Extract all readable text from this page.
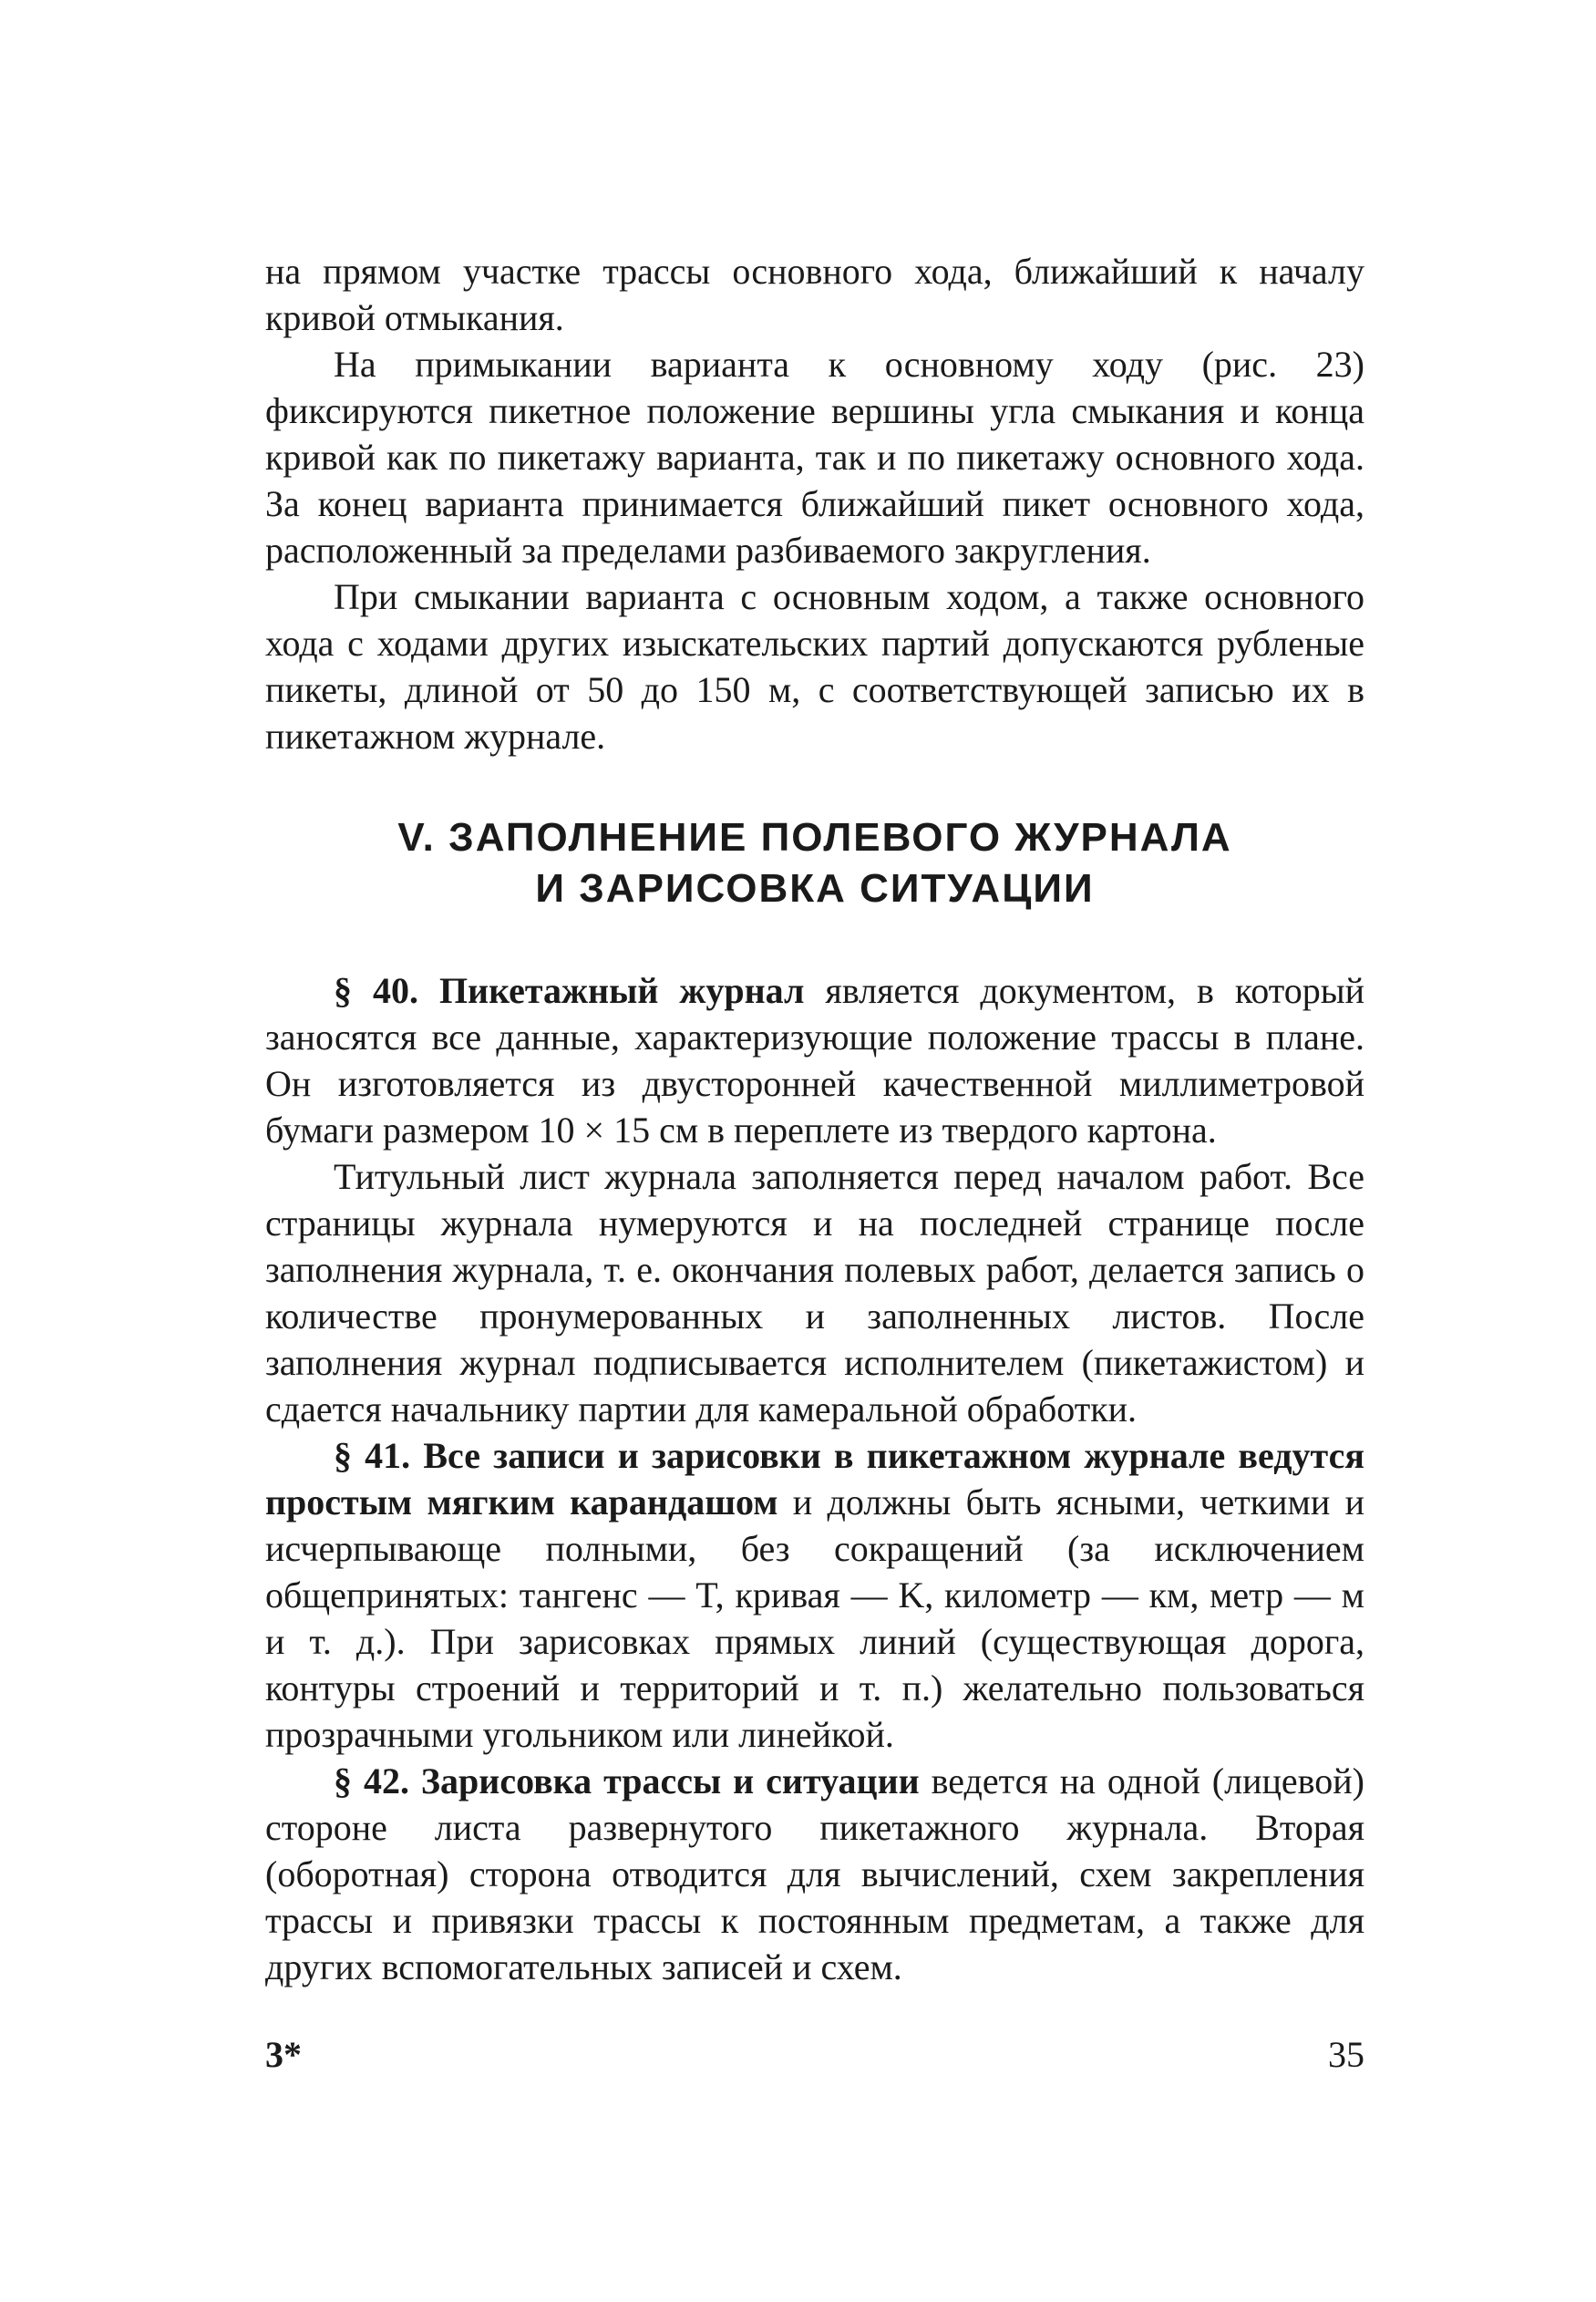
на прямом участке трассы основного хода, ближайший к началу кривой отмыкания.

На примыкании варианта к основному ходу (рис. 23) фиксируются пикетное положение вершины угла смыкания и конца кривой как по пикетажу варианта, так и по пикетажу основного хода. За конец варианта принимается ближайший пикет основного хода, расположенный за пределами разбиваемого закругления.

При смыкании варианта с основным ходом, а также основного хода с ходами других изыскательских партий допускаются рубленые пикеты, длиной от 50 до 150 м, с соответствующей записью их в пикетажном журнале.

V. ЗАПОЛНЕНИЕ ПОЛЕВОГО ЖУРНАЛА
И ЗАРИСОВКА СИТУАЦИИ

§ 40. Пикетажный журнал является документом, в который заносятся все данные, характеризующие положение трассы в плане. Он изготовляется из двусторонней качественной миллиметровой бумаги размером 10 × 15 см в переплете из твердого картона.

Титульный лист журнала заполняется перед началом работ. Все страницы журнала нумеруются и на последней странице после заполнения журнала, т. е. окончания полевых работ, делается запись о количестве пронумерованных и заполненных листов. После заполнения журнал подписывается исполнителем (пикетажистом) и сдается начальнику партии для камеральной обработки.

§ 41. Все записи и зарисовки в пикетажном журнале ведутся простым мягким карандашом и должны быть ясными, четкими и исчерпывающе полными, без сокращений (за исключением общепринятых: тангенс — T, кривая — K, километр — км, метр — м и т. д.). При зарисовках прямых линий (существующая дорога, контуры строений и территорий и т. п.) желательно пользоваться прозрачными угольником или линейкой.

§ 42. Зарисовка трассы и ситуации ведется на одной (лицевой) стороне листа развернутого пикетажного журнала. Вторая (оборотная) сторона отводится для вычислений, схем закрепления трассы и привязки трассы к постоянным предметам, а также для других вспомогательных записей и схем.

3*	35
